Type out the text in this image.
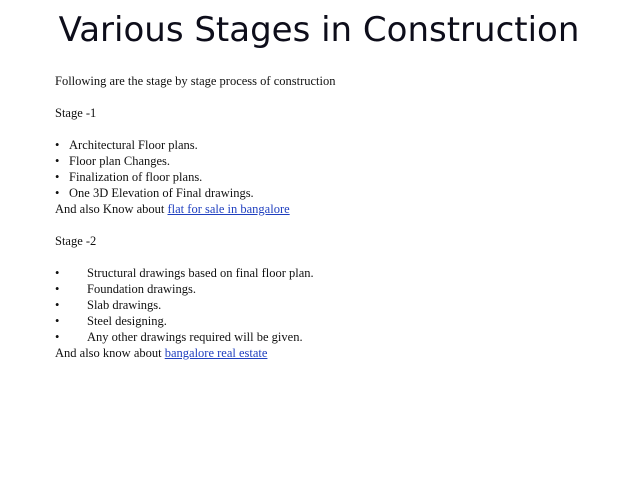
Various Stages in Construction
Following are the stage by stage process of construction
Stage -1
• Architectural Floor plans.
• Floor plan Changes.
• Finalization of floor plans.
• One 3D Elevation of Final drawings.
And also Know about flat for sale in bangalore
Stage -2
•	Structural drawings based on final floor plan.
•	Foundation drawings.
•	Slab drawings.
•	Steel designing.
•	Any other drawings required will be given.
And also know about bangalore real estate
